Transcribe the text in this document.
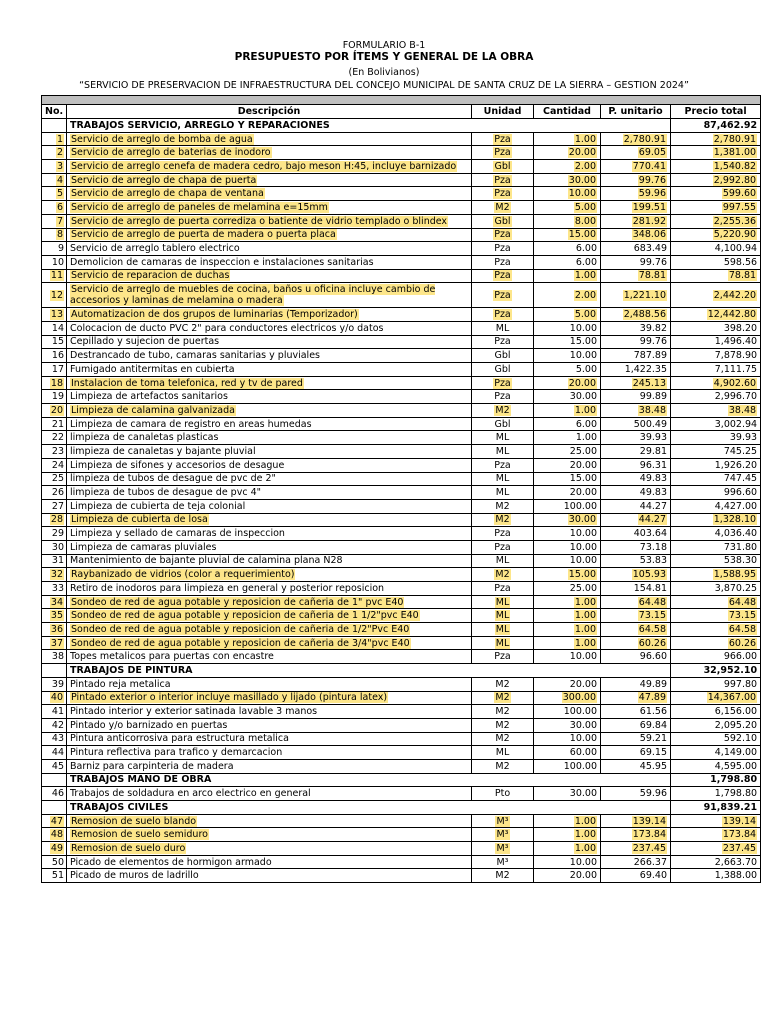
FORMULARIO B-1
PRESUPUESTO POR ÍTEMS Y GENERAL DE LA OBRA
(En Bolivianos)
“SERVICIO DE PRESERVACION DE INFRAESTRUCTURA DEL CONCEJO MUNICIPAL DE SANTA CRUZ DE LA SIERRA – GESTION 2024”

No.	Descripción	Unidad	Cantidad	P. unitario	Precio total
	TRABAJOS SERVICIO, ARREGLO Y REPARACIONES				87,462.92
1	Servicio de arreglo de bomba de agua	Pza	1.00	2,780.91	2,780.91
2	Servicio de arreglo de baterias de inodoro	Pza	20.00	69.05	1,381.00
3	Servicio de arreglo cenefa de madera cedro, bajo meson H:45, incluye barnizado	Gbl	2.00	770.41	1,540.82
4	Servicio de arreglo de chapa de puerta	Pza	30.00	99.76	2,992.80
5	Servicio de arreglo de chapa de ventana	Pza	10.00	59.96	599.60
6	Servicio de arreglo de paneles de melamina e=15mm	M2	5.00	199.51	997.55
7	Servicio de arreglo de puerta corrediza o batiente de vidrio templado o blindex	Gbl	8.00	281.92	2,255.36
8	Servicio de arreglo de puerta de madera o puerta placa	Pza	15.00	348.06	5,220.90
9	Servicio de arreglo tablero electrico	Pza	6.00	683.49	4,100.94
10	Demolicion de camaras de inspeccion e instalaciones sanitarias	Pza	6.00	99.76	598.56
11	Servicio de reparacion de duchas	Pza	1.00	78.81	78.81
12	Servicio de arreglo de muebles de cocina, baños u oficina incluye cambio de accesorios y laminas de melamina o madera	Pza	2.00	1,221.10	2,442.20
13	Automatizacion de dos grupos de luminarias (Temporizador)	Pza	5.00	2,488.56	12,442.80
14	Colocacion de ducto PVC 2" para conductores electricos y/o datos	ML	10.00	39.82	398.20
15	Cepillado y sujecion de puertas	Pza	15.00	99.76	1,496.40
16	Destrancado de tubo, camaras sanitarias y pluviales	Gbl	10.00	787.89	7,878.90
17	Fumigado antitermitas en cubierta	Gbl	5.00	1,422.35	7,111.75
18	Instalacion de toma telefonica, red y tv de pared	Pza	20.00	245.13	4,902.60
19	Limpieza de artefactos sanitarios	Pza	30.00	99.89	2,996.70
20	Limpieza de calamina galvanizada	M2	1.00	38.48	38.48
21	Limpieza de camara de registro en areas humedas	Gbl	6.00	500.49	3,002.94
22	limpieza de canaletas plasticas	ML	1.00	39.93	39.93
23	limpieza de canaletas y bajante pluvial	ML	25.00	29.81	745.25
24	Limpieza de sifones y accesorios de desague	Pza	20.00	96.31	1,926.20
25	limpieza de tubos de desague de pvc de 2"	ML	15.00	49.83	747.45
26	limpieza de tubos de desague de pvc 4"	ML	20.00	49.83	996.60
27	Limpieza de cubierta de teja colonial	M2	100.00	44.27	4,427.00
28	Limpieza de cubierta de losa	M2	30.00	44.27	1,328.10
29	Limpieza y sellado de camaras de inspeccion	Pza	10.00	403.64	4,036.40
30	Limpieza de camaras pluviales	Pza	10.00	73.18	731.80
31	Mantenimiento de bajante pluvial de calamina plana N28	ML	10.00	53.83	538.30
32	Raybanizado de vidrios (color a requerimiento)	M2	15.00	105.93	1,588.95
33	Retiro de inodoros para limpieza en general y posterior reposicion	Pza	25.00	154.81	3,870.25
34	Sondeo de red de agua potable y reposicion de cañeria de 1" pvc E40	ML	1.00	64.48	64.48
35	Sondeo de red de agua potable y reposicion de cañeria de 1 1/2"pvc E40	ML	1.00	73.15	73.15
36	Sondeo de red de agua potable y reposicion de cañeria de 1/2"Pvc E40	ML	1.00	64.58	64.58
37	Sondeo de red de agua potable y reposicion de cañeria de 3/4"pvc E40	ML	1.00	60.26	60.26
38	Topes metalicos para puertas con encastre	Pza	10.00	96.60	966.00
	TRABAJOS DE PINTURA				32,952.10
39	Pintado reja metalica	M2	20.00	49.89	997.80
40	Pintado exterior o interior incluye masillado y lijado (pintura latex)	M2	300.00	47.89	14,367.00
41	Pintado interior y exterior satinada lavable 3 manos	M2	100.00	61.56	6,156.00
42	Pintado y/o barnizado en puertas	M2	30.00	69.84	2,095.20
43	Pintura anticorrosiva para estructura metalica	M2	10.00	59.21	592.10
44	Pintura reflectiva para trafico y demarcacion	ML	60.00	69.15	4,149.00
45	Barniz para carpinteria de madera	M2	100.00	45.95	4,595.00
	TRABAJOS MANO DE OBRA				1,798.80
46	Trabajos de soldadura en arco electrico en general	Pto	30.00	59.96	1,798.80
	TRABAJOS CIVILES				91,839.21
47	Remosion de suelo blando	M³	1.00	139.14	139.14
48	Remosion de suelo semiduro	M³	1.00	173.84	173.84
49	Remosion de suelo duro	M³	1.00	237.45	237.45
50	Picado de elementos de hormigon armado	M³	10.00	266.37	2,663.70
51	Picado de muros de ladrillo	M2	20.00	69.40	1,388.00
